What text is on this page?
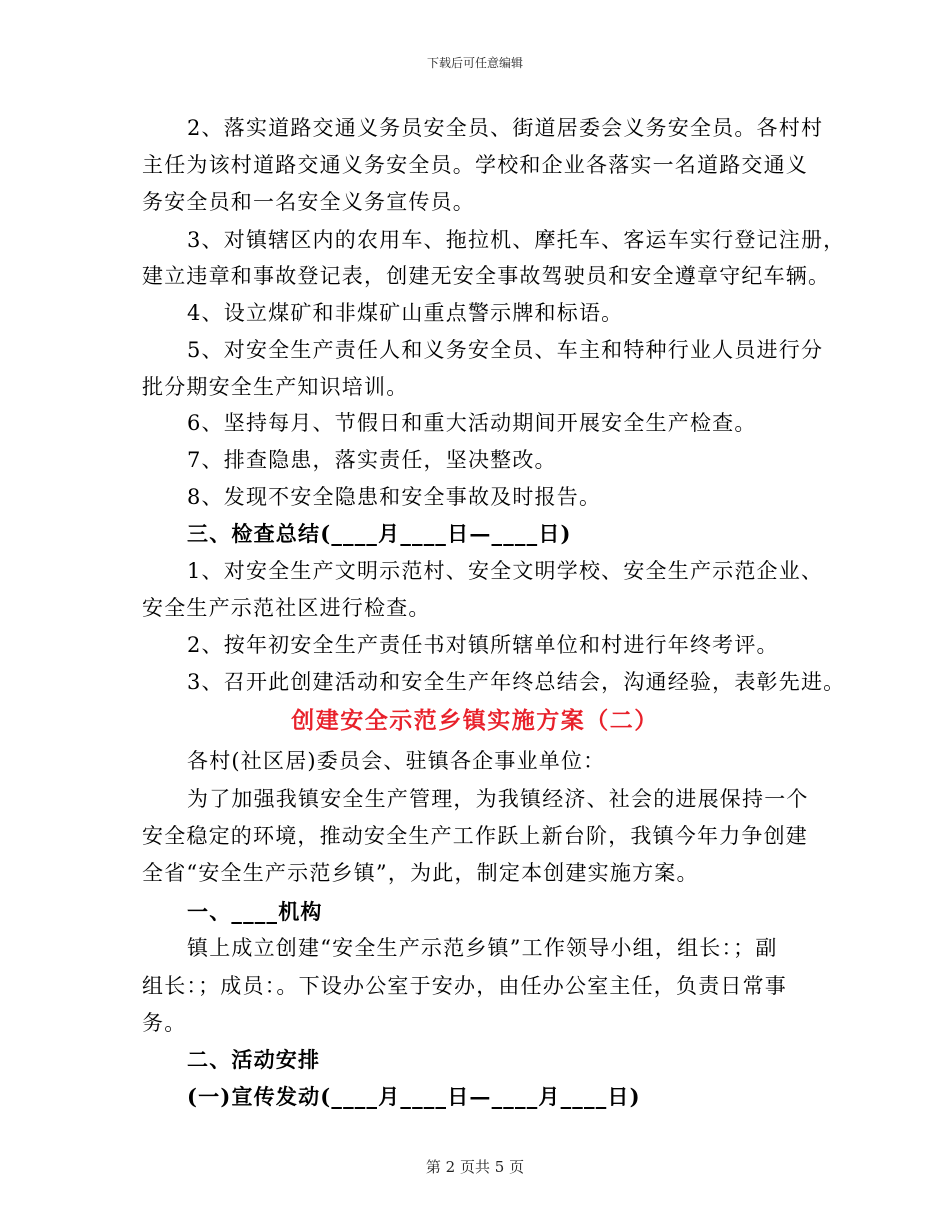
下载后可任意编辑
2、落实道路交通义务员安全员、街道居委会义务安全员。各村村
主任为该村道路交通义务安全员。学校和企业各落实一名道路交通义
务安全员和一名安全义务宣传员。
3、对镇辖区内的农用车、拖拉机、摩托车、客运车实行登记注册，
建立违章和事故登记表，创建无安全事故驾驶员和安全遵章守纪车辆。
4、设立煤矿和非煤矿山重点警示牌和标语。
5、对安全生产责任人和义务安全员、车主和特种行业人员进行分
批分期安全生产知识培训。
6、坚持每月、节假日和重大活动期间开展安全生产检查。
7、排查隐患，落实责任，坚决整改。
8、发现不安全隐患和安全事故及时报告。
三、检查总结(____月____日—____日)
1、对安全生产文明示范村、安全文明学校、安全生产示范企业、
安全生产示范社区进行检查。
2、按年初安全生产责任书对镇所辖单位和村进行年终考评。
3、召开此创建活动和安全生产年终总结会，沟通经验，表彰先进。
创建安全示范乡镇实施方案（二）
各村(社区居)委员会、驻镇各企事业单位：
为了加强我镇安全生产管理，为我镇经济、社会的进展保持一个
安全稳定的环境，推动安全生产工作跃上新台阶，我镇今年力争创建
全省“安全生产示范乡镇”，为此，制定本创建实施方案。
一、____机构
镇上成立创建“安全生产示范乡镇”工作领导小组，组长：；副
组长：；成员：。下设办公室于安办，由任办公室主任，负责日常事
务。
二、活动安排
(一)宣传发动(____月____日—____月____日)
第 2 页共 5 页
